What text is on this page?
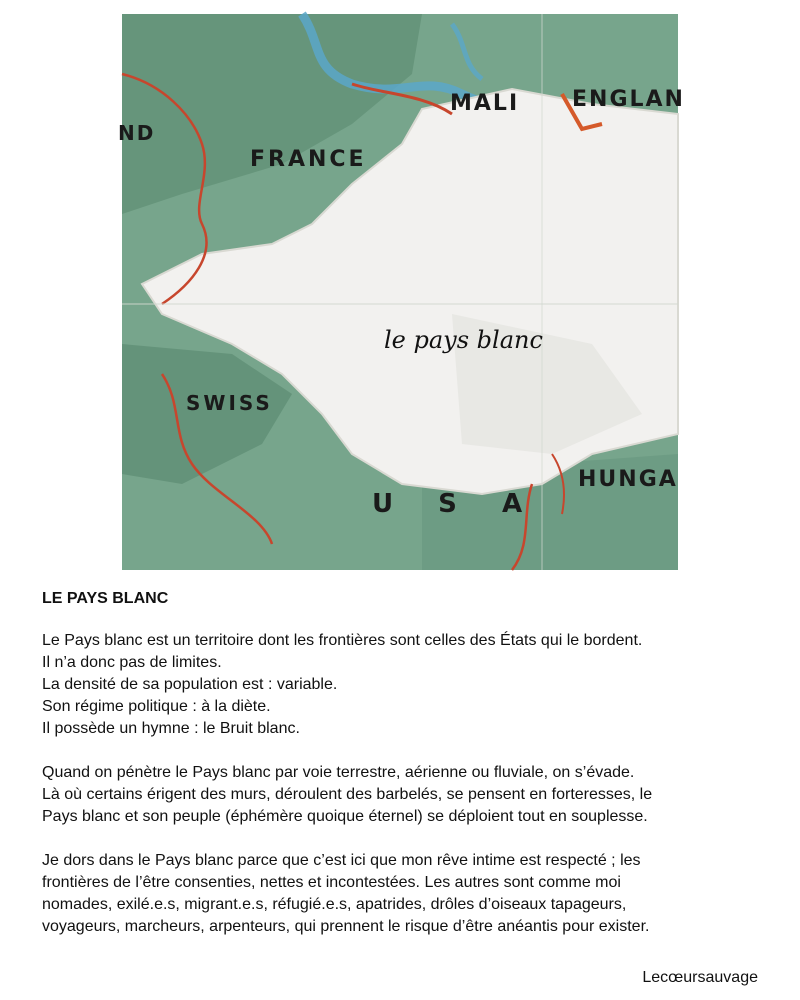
ENGLAN
MALI
ND
FRANCE
le pays blanc
SWISS
U S A
HUNGA
LE PAYS BLANC
Le Pays blanc est un territoire dont les frontières sont celles des États qui le bordent.
Il n’a donc pas de limites.
La densité de sa population est : variable.
Son régime politique : à la diète.
Il possède un hymne : le Bruit blanc.
Quand on pénètre le Pays blanc par voie terrestre, aérienne ou fluviale, on s’évade.
Là où certains érigent des murs, déroulent des barbelés, se pensent en forteresses, le
Pays blanc et son peuple (éphémère quoique éternel) se déploient tout en souplesse.
Je dors dans le Pays blanc parce que c’est ici que mon rêve intime est respecté ; les
frontières de l’être consenties, nettes et incontestées. Les autres sont comme moi
nomades, exilé.e.s, migrant.e.s, réfugié.e.s, apatrides, drôles d’oiseaux tapageurs,
voyageurs, marcheurs, arpenteurs, qui prennent le risque d’être anéantis pour exister.
Lecœursauvage
